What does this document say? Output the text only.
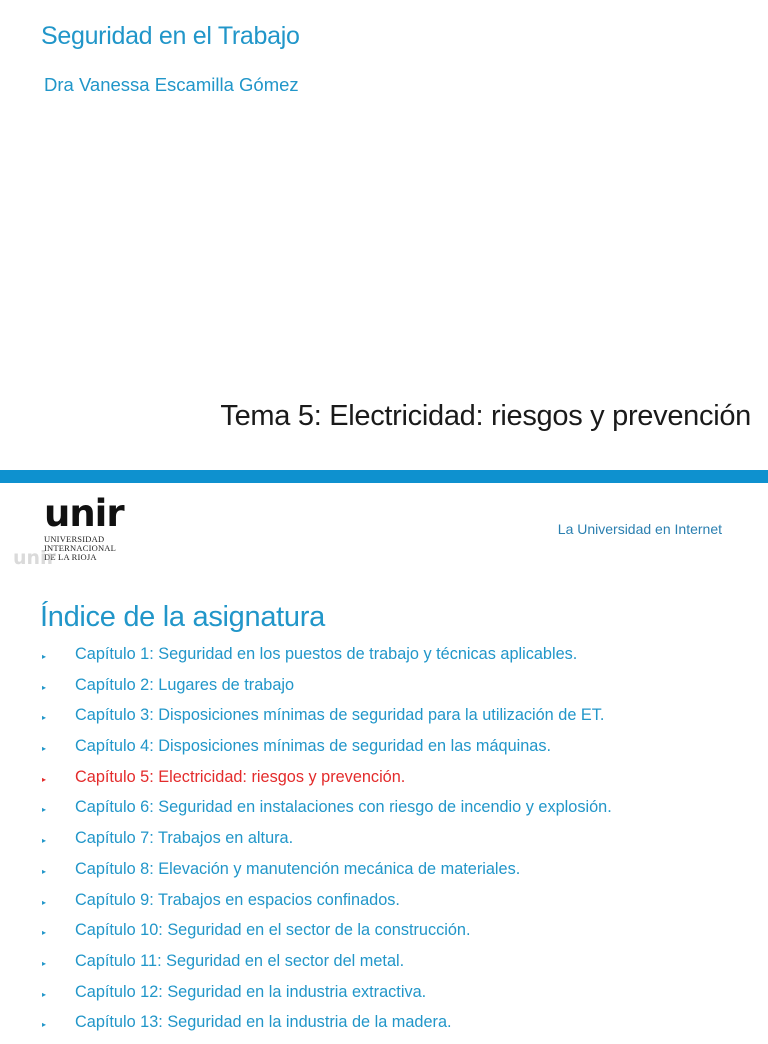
Seguridad en el Trabajo
Dra Vanessa Escamilla Gómez
Tema 5: Electricidad: riesgos y prevención
unir
UNIVERSIDAD
INTERNACIONAL
DE LA RIOJA
unir
La Universidad en Internet
Índice de la asignatura
▸ Capítulo 1: Seguridad en los puestos de trabajo y técnicas aplicables.
▸ Capítulo 2: Lugares de trabajo
▸ Capítulo 3: Disposiciones mínimas de seguridad para la utilización de ET.
▸ Capítulo 4: Disposiciones mínimas de seguridad en las máquinas.
▸ Capítulo 5: Electricidad: riesgos y prevención.
▸ Capítulo 6: Seguridad en instalaciones con riesgo de incendio y explosión.
▸ Capítulo 7: Trabajos en altura.
▸ Capítulo 8: Elevación y manutención mecánica de materiales.
▸ Capítulo 9: Trabajos en espacios confinados.
▸ Capítulo 10: Seguridad en el sector de la construcción.
▸ Capítulo 11: Seguridad en el sector del metal.
▸ Capítulo 12: Seguridad en la industria extractiva.
▸ Capítulo 13: Seguridad en la industria de la madera.
